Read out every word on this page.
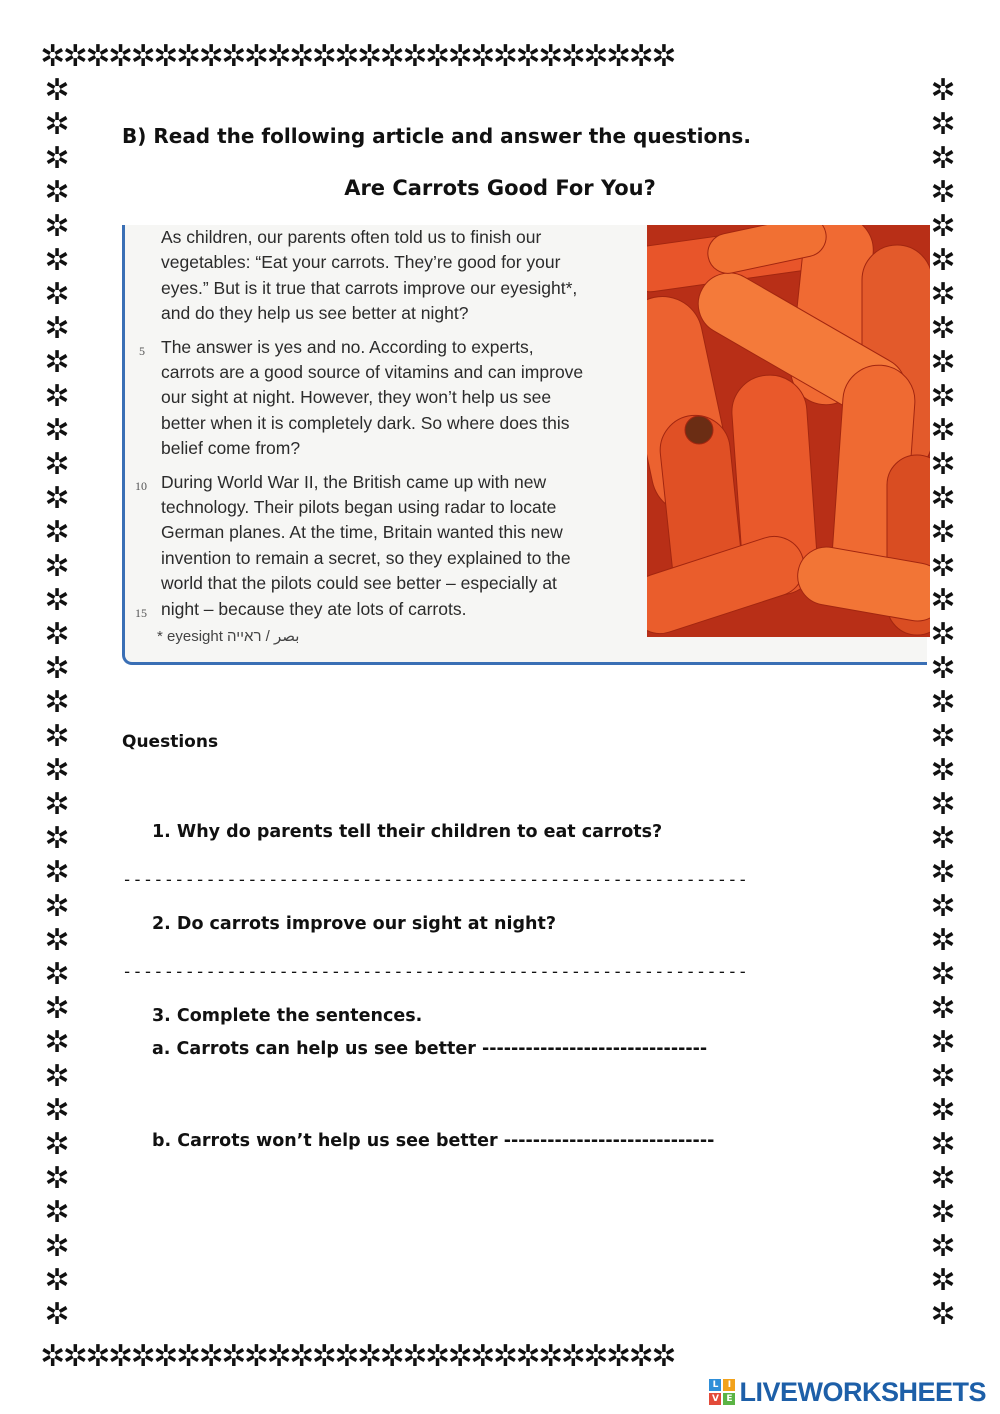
✲✲✲✲✲✲✲✲✲✲✲✲✲✲✲✲✲✲✲✲✲✲✲✲✲✲✲✲
✲✲✲✲✲✲✲✲✲✲✲✲✲✲✲✲✲✲✲✲✲✲✲✲✲✲✲✲
✲
✲
✲
✲
✲
✲
✲
✲
✲
✲
✲
✲
✲
✲
✲
✲
✲
✲
✲
✲
✲
✲
✲
✲
✲
✲
✲
✲
✲
✲
✲
✲
✲
✲
✲
✲
✲

✲
✲
✲
✲
✲
✲
✲
✲
✲
✲
✲
✲
✲
✲
✲
✲
✲
✲
✲
✲
✲
✲
✲
✲
✲
✲
✲
✲
✲
✲
✲
✲
✲
✲
✲
✲
✲

B) Read the following article and answer the questions.
Are Carrots Good For You?
As children, our parents often told us to finish our
vegetables: “Eat your carrots. They’re good for your
eyes.” But is it true that carrots improve our eyesight*,
and do they help us see better at night?
5 The answer is yes and no. According to experts,
carrots are a good source of vitamins and can improve
our sight at night. However, they won’t help us see
better when it is completely dark. So where does this
belief come from?
10
15
During World War II, the British came up with new
technology. Their pilots began using radar to locate
German planes. At the time, Britain wanted this new
invention to remain a secret, so they explained to the
world that the pilots could see better – especially at
night – because they ate lots of carrots.
* eyesight بصر / ראייה
Questions
1. Why do parents tell their children to eat carrots?
------------------------------------------------------------
2. Do carrots improve our sight at night?
------------------------------------------------------------
3. Complete the sentences.
a. Carrots can help us see better -------------------------------
b. Carrots won’t help us see better -----------------------------
L	I
V E LIVEWORKSHEETS
